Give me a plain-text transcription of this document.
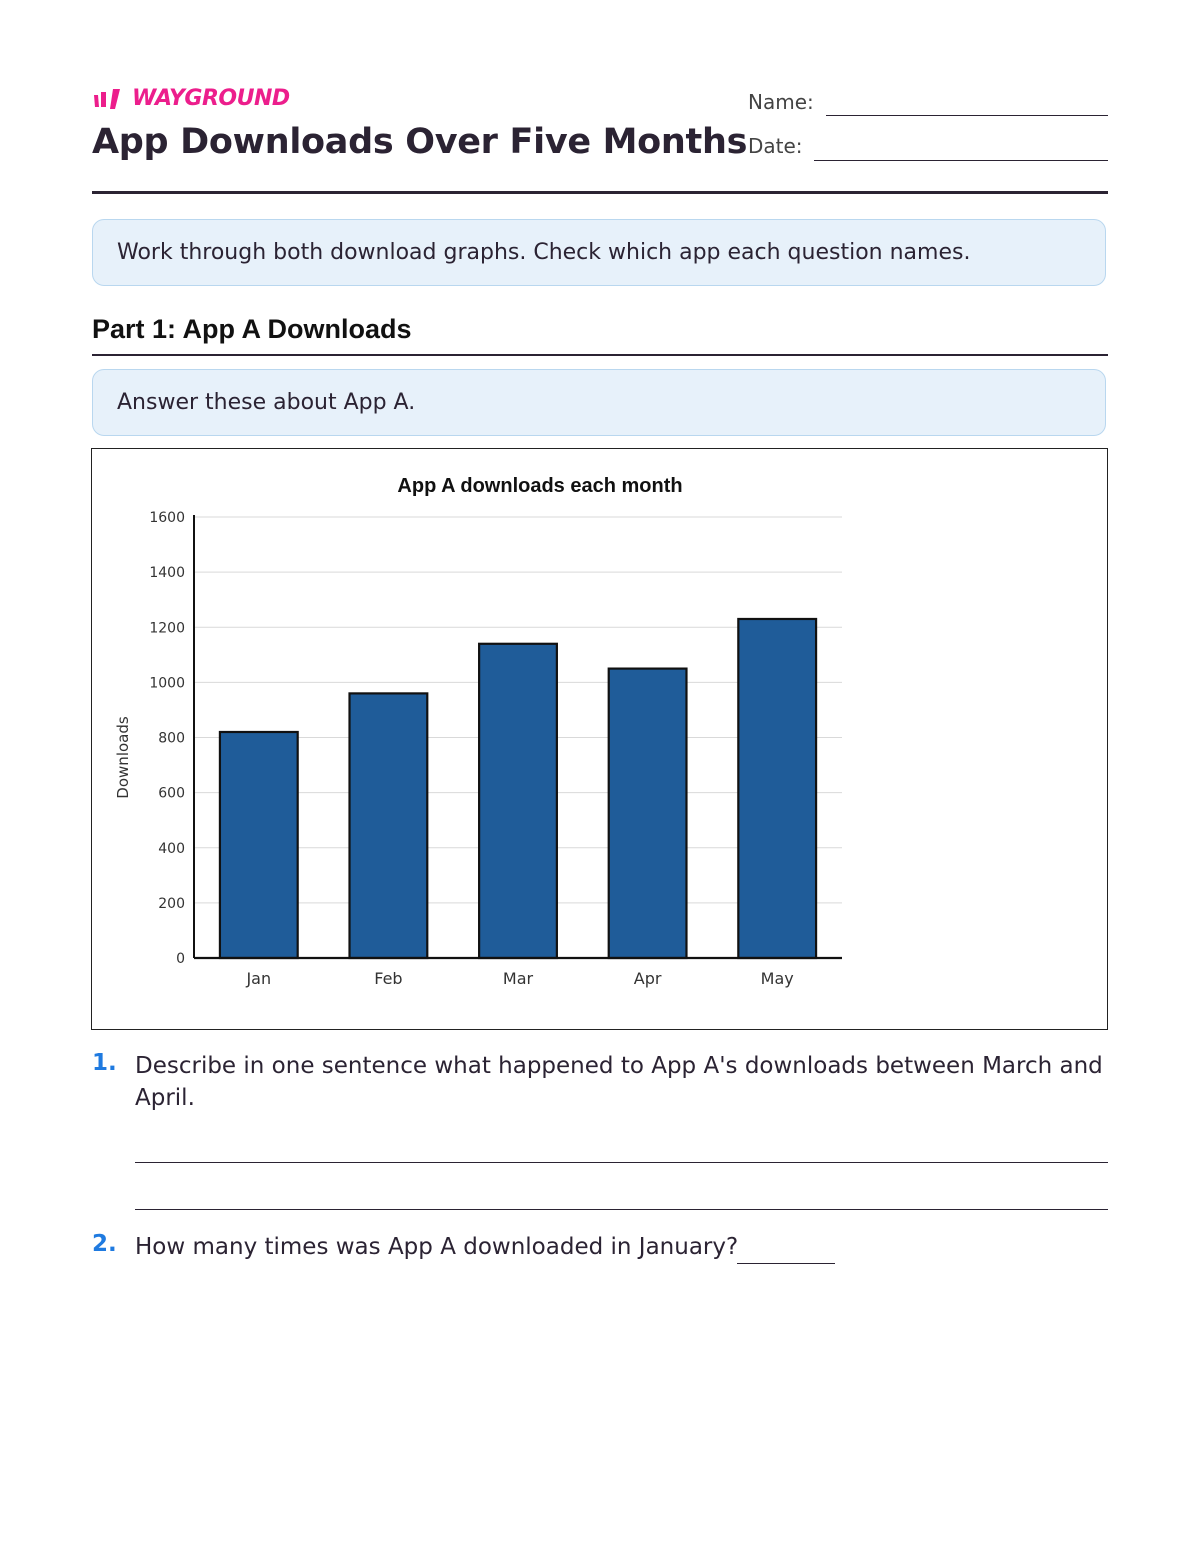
WAYGROUND
App Downloads Over Five Months
Name:
Date:
Work through both download graphs. Check which app each question names.
Part 1: App A Downloads
Answer these about App A.
App A downloads each month
0
200
400
600
800
1000
1200
1400
1600
Downloads
Jan	Feb	Mar	Apr	May
1. Describe in one sentence what happened to App A's downloads between March and April.
2. How many times was App A downloaded in January?
